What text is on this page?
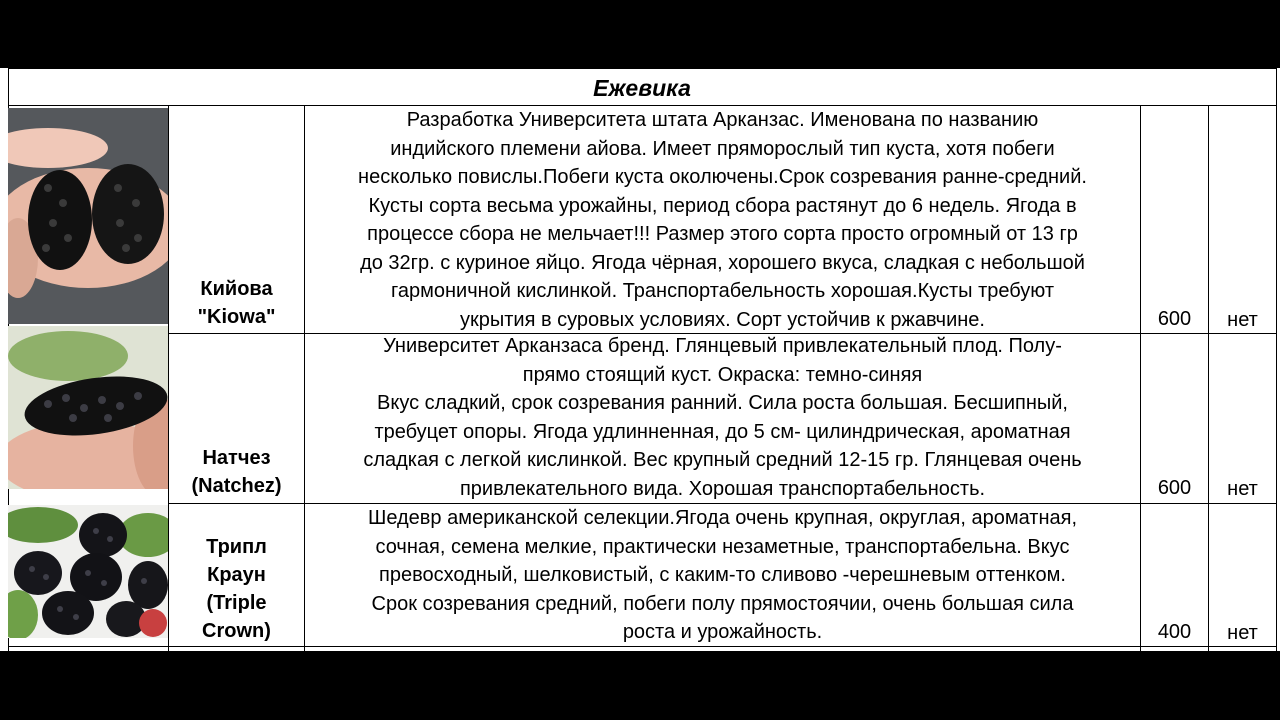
Ежевика
Кийова
"Kiowa"
Разработка Университета штата Арканзас. Именована по названию
индийского племени айова. Имеет пряморослый тип куста, хотя побеги
несколько повислы.Побеги куста околючены.Срок созревания ранне-средний.
Кусты сорта весьма урожайны, период сбора растянут до 6 недель. Ягода в
процессе сбора не мельчает!!! Размер этого сорта просто огромный от 13 гр
до 32гр. с куриное яйцо. Ягода чёрная, хорошего вкуса, сладкая с небольшой
гармоничной кислинкой. Транспортабельность хорошая.Кусты требуют
укрытия в суровых условиях. Сорт устойчив к ржавчине.	600	нет
Натчез
(Natchez)
Университет Арканзаса бренд. Глянцевый привлекательный плод. Полу-
прямо стоящий куст. Окраска: темно-синяя
Вкус сладкий, срок созревания ранний. Сила роста большая. Бесшипный,
требуцет опоры. Ягода удлинненная, до 5 см- цилиндрическая, ароматная
сладкая с легкой кислинкой. Вес крупный средний 12-15 гр. Глянцевая очень
привлекательного вида. Хорошая транспортабельность.	600	нет
Трипл
Краун
(Triple
Crown)
Шедевр американской селекции.Ягода очень крупная, округлая, ароматная,
сочная, семена мелкие, практически незаметные, транспортабельна. Вкус
превосходный, шелковистый, с каким-то сливово -черешневым оттенком.
Срок созревания средний, побеги полу прямостоячии, очень большая сила
роста и урожайность.	400	нет
